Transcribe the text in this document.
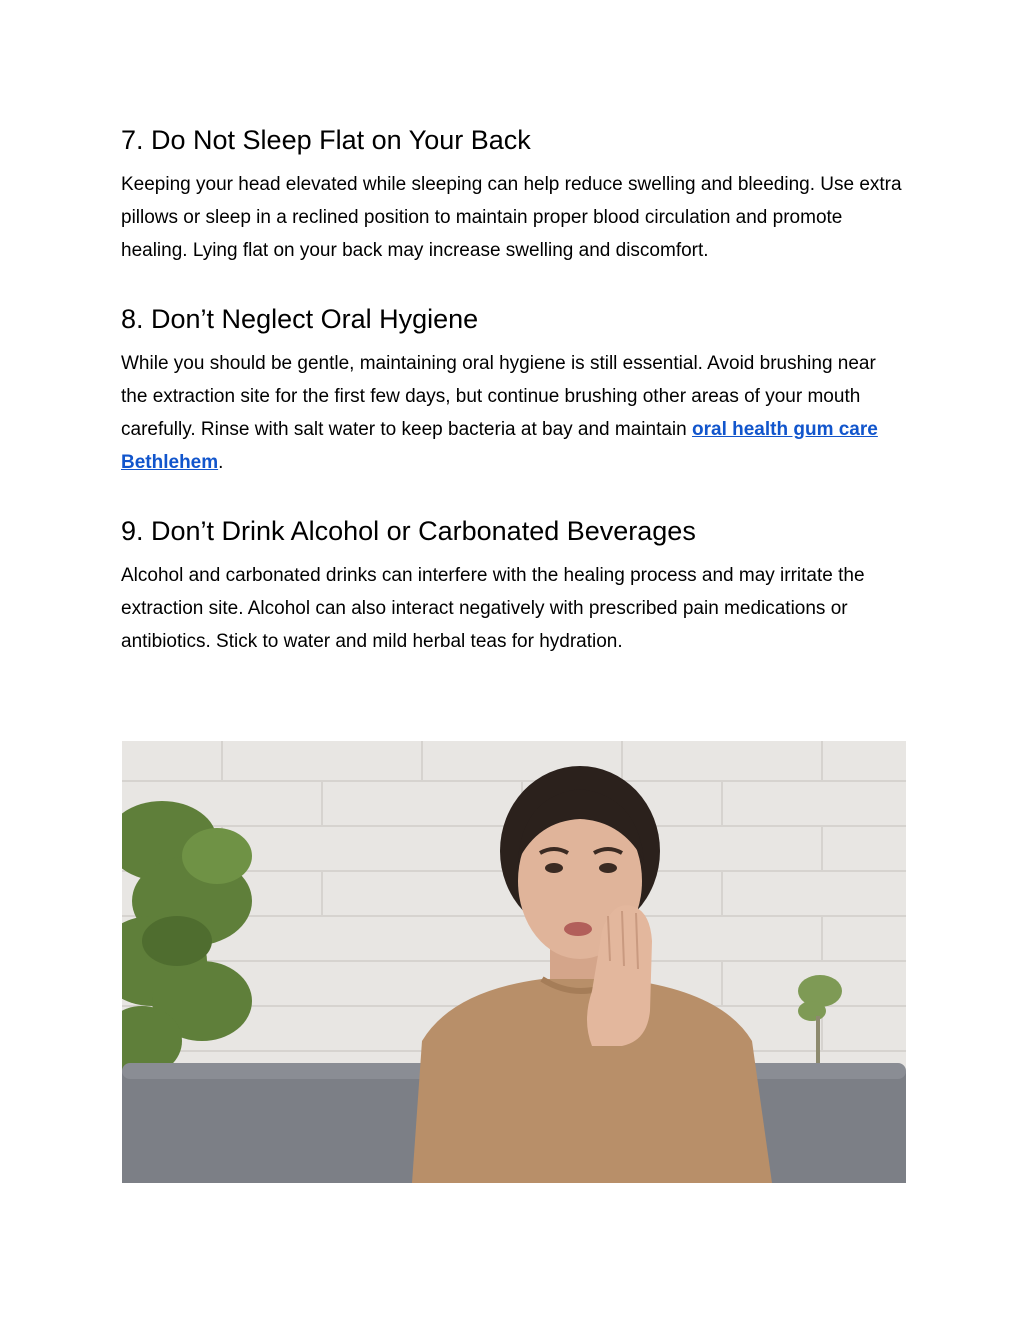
7. Do Not Sleep Flat on Your Back

Keeping your head elevated while sleeping can help reduce swelling and bleeding. Use extra pillows or sleep in a reclined position to maintain proper blood circulation and promote healing. Lying flat on your back may increase swelling and discomfort.

8. Don’t Neglect Oral Hygiene

While you should be gentle, maintaining oral hygiene is still essential. Avoid brushing near the extraction site for the first few days, but continue brushing other areas of your mouth carefully. Rinse with salt water to keep bacteria at bay and maintain oral health gum care Bethlehem.

9. Don’t Drink Alcohol or Carbonated Beverages

Alcohol and carbonated drinks can interfere with the healing process and may irritate the extraction site. Alcohol can also interact negatively with prescribed pain medications or antibiotics. Stick to water and mild herbal teas for hydration.
